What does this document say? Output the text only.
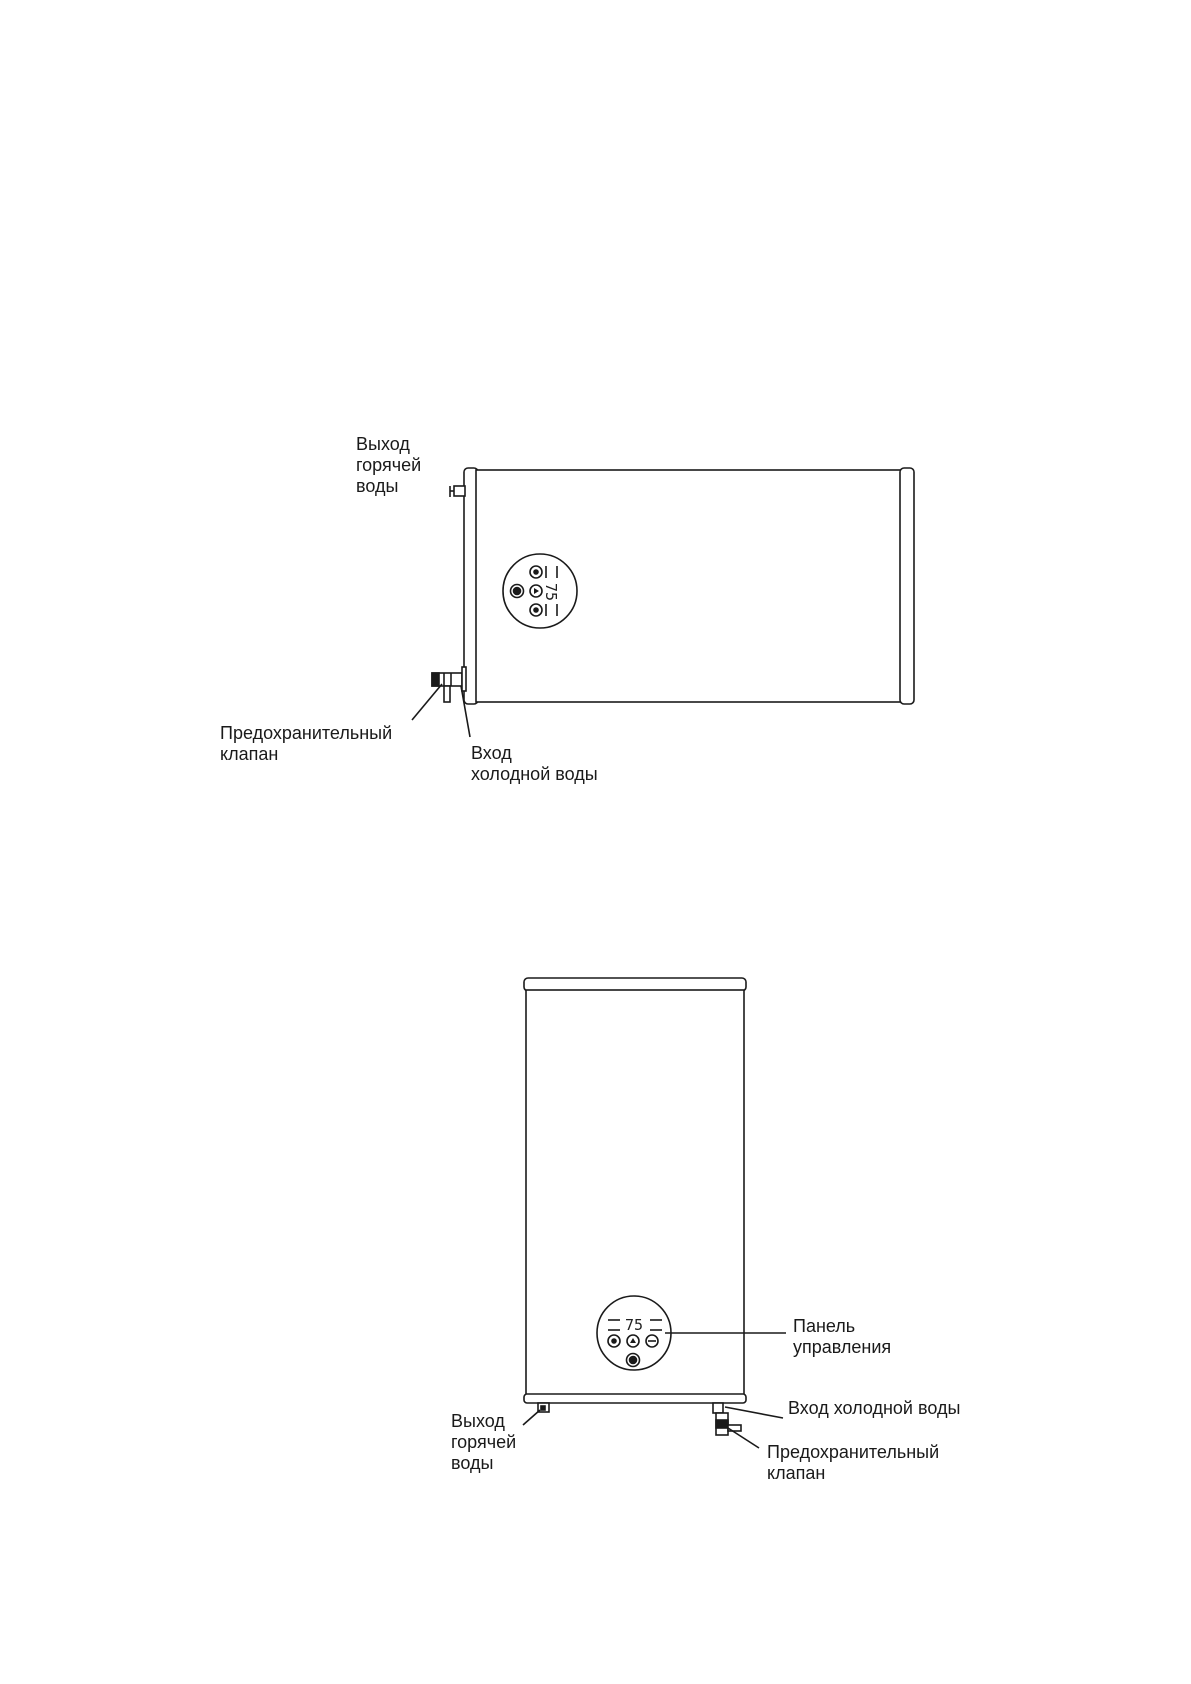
75
75
Выход
горячей
воды
Предохранительный
клапан	Вход
холодной воды
Панель
управления
Вход холодной воды
Предохранительный
клапан
Выход
горячей
воды
